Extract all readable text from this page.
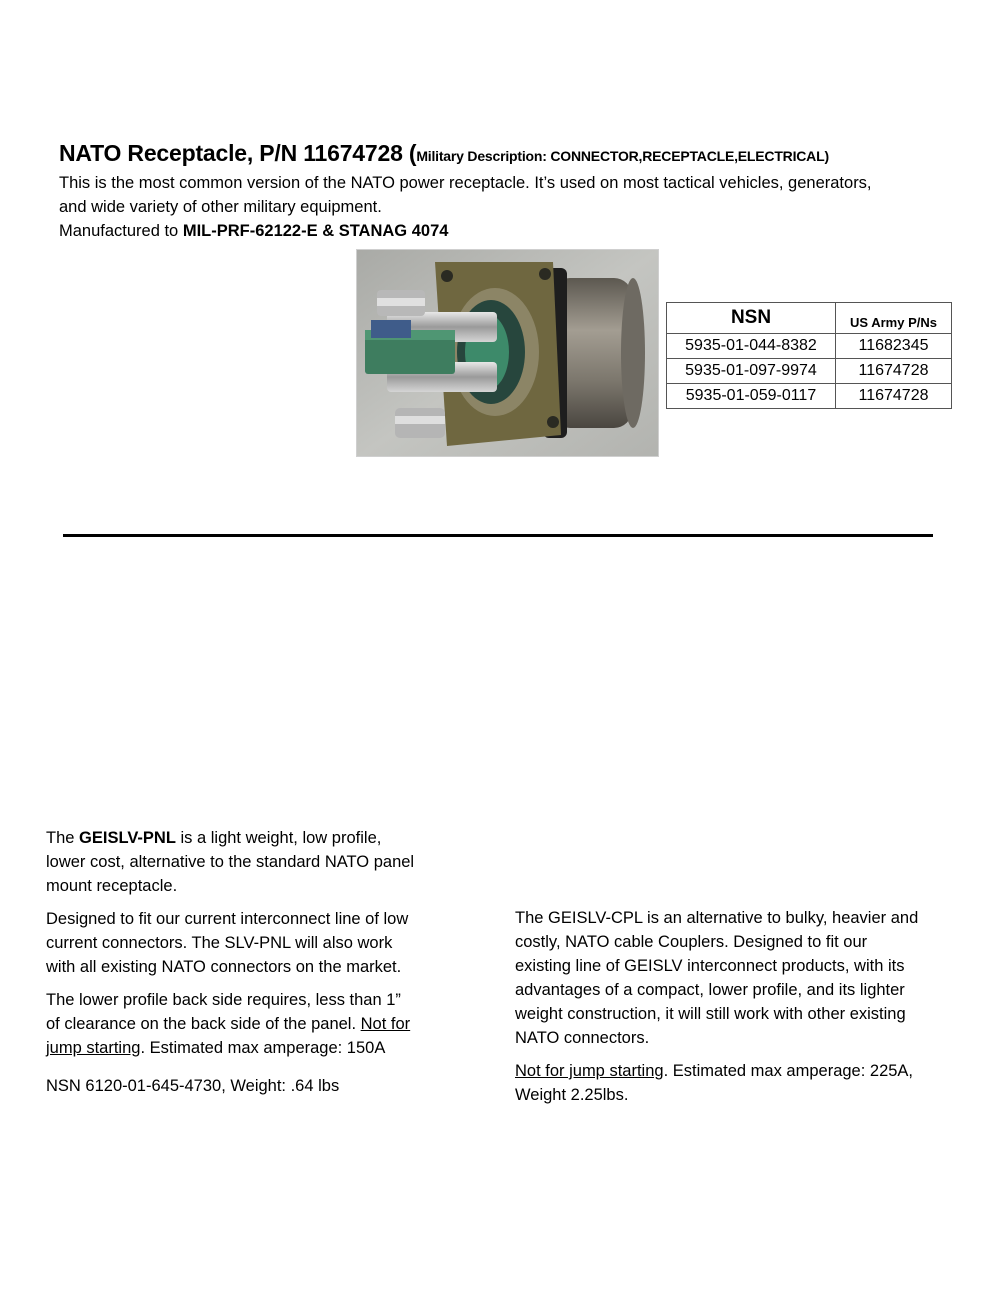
NATO Receptacle, P/N 11674728 (Military Description: CONNECTOR,RECEPTACLE,ELECTRICAL)

This is the most common version of the NATO power receptacle. It’s used on most tactical vehicles, generators, and wide variety of other military equipment.

Manufactured to MIL-PRF-62122-E & STANAG 4074

NSN	US Army P/Ns
5935-01-044-8382	11682345
5935-01-097-9974	11674728
5935-01-059-0117	11674728

The GEISLV-PNL is a light weight, low profile, lower cost, alternative to the standard NATO panel mount receptacle.

Designed to fit our current interconnect line of low current connectors. The SLV-PNL will also work with all existing NATO connectors on the market.

The lower profile back side requires, less than 1” of clearance on the back side of the panel. Not for jump starting. Estimated max amperage: 150A

NSN 6120-01-645-4730, Weight: .64 lbs

The GEISLV-CPL is an alternative to bulky, heavier and costly, NATO cable Couplers. Designed to fit our existing line of GEISLV interconnect products, with its advantages of a compact, lower profile, and its lighter weight construction, it will still work with other existing NATO connectors.

Not for jump starting. Estimated max amperage: 225A, Weight 2.25lbs.
